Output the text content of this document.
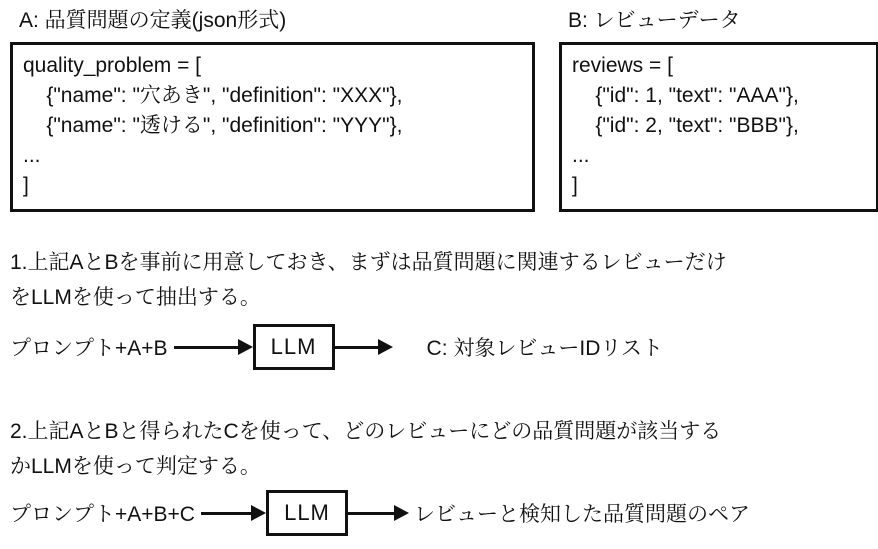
A: 品質問題の定義(json形式)
quality_problem = [
{"name": "穴あき", "definition": "XXX"},
{"name": "透ける", "definition": "YYY"},
...
]
B: レビューデータ
reviews = [
{"id": 1, "text": "AAA"},
{"id": 2, "text": "BBB"},
...
]

1.上記AとBを事前に用意しておき、まずは品質問題に関連するレビューだけ

をLLMを使って抽出する。

プロンプト+A+B	LLM	C: 対象レビューIDリスト

2.上記AとBと得られたCを使って、どのレビューにどの品質問題が該当する

かLLMを使って判定する。

プロンプト+A+B+C	LLM	レビューと検知した品質問題のペア
